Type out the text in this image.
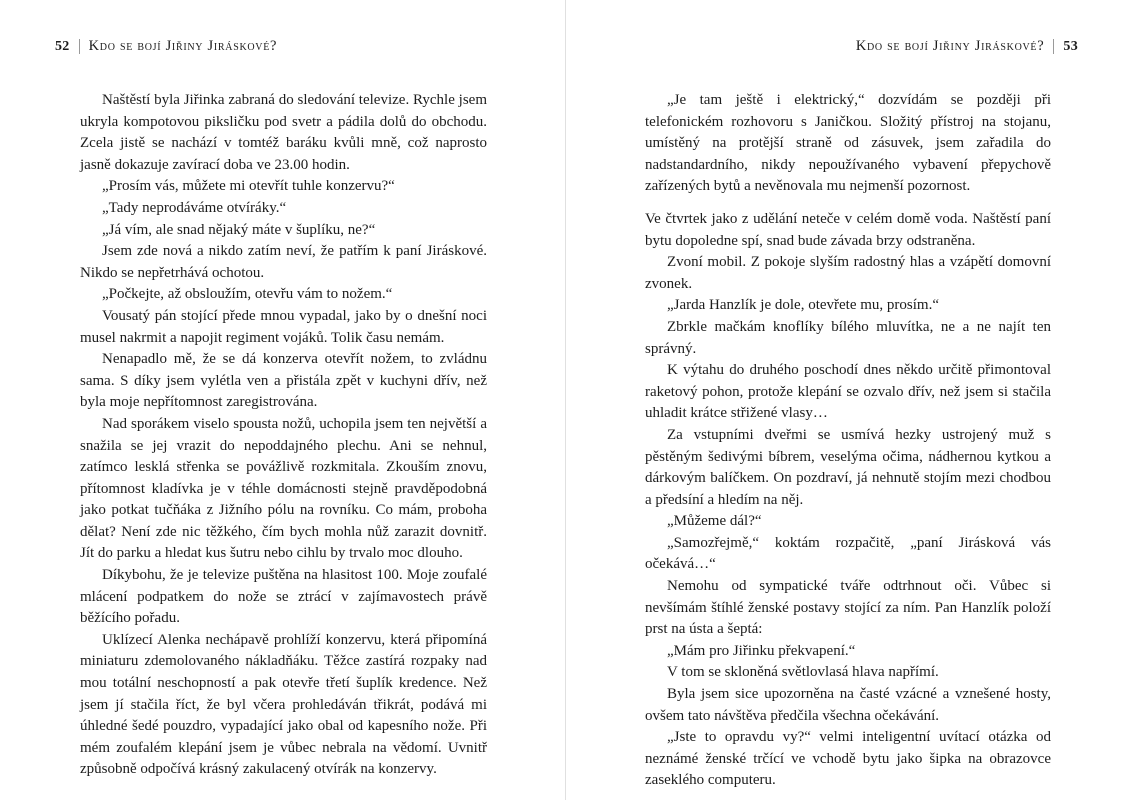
52 Kdo se bojí Jiřiny Jiráskové?

Naštěstí byla Jiřinka zabraná do sledování televize. Rychle jsem ukryla kompotovou piksličku pod svetr a pádila dolů do obchodu. Zcela jistě se nachází v tomtéž baráku kvůli mně, což naprosto jasně dokazuje zavírací doba ve 23.00 hodin.

„Prosím vás, můžete mi otevřít tuhle konzervu?“

„Tady neprodáváme otvíráky.“

„Já vím, ale snad nějaký máte v šuplíku, ne?“

Jsem zde nová a nikdo zatím neví, že patřím k paní Jiráskové. Nikdo se nepřetrhává ochotou.

„Počkejte, až obsloužím, otevřu vám to nožem.“

Vousatý pán stojící přede mnou vypadal, jako by o dnešní noci musel nakrmit a napojit regiment vojáků. Tolik času nemám.

Nenapadlo mě, že se dá konzerva otevřít nožem, to zvládnu sama. S díky jsem vylétla ven a přistála zpět v kuchyni dřív, než byla moje nepřítomnost zaregistrována.

Nad sporákem viselo spousta nožů, uchopila jsem ten největší a snažila se jej vrazit do nepoddajného plechu. Ani se nehnul, zatímco lesklá střenka se povážlivě rozkmitala. Zkouším znovu, přítomnost kladívka je v téhle domácnosti stejně pravděpodobná jako potkat tučňáka z Jižního pólu na rovníku. Co mám, proboha dělat? Není zde nic těžkého, čím bych mohla nůž zarazit dovnitř. Jít do parku a hledat kus šutru nebo cihlu by trvalo moc dlouho.

Díkybohu, že je televize puštěna na hlasitost 100. Moje zoufalé mlácení podpatkem do nože se ztrácí v zajímavostech právě běžícího pořadu.

Uklízecí Alenka nechápavě prohlíží konzervu, která připomíná miniaturu zdemolovaného nákladňáku. Těžce zastírá rozpaky nad mou totální neschopností a pak otevře třetí šuplík kredence. Než jsem jí stačila říct, že byl včera prohledáván třikrát, podává mi úhledné šedé pouzdro, vypadající jako obal od kapesního nože. Při mém zoufalém klepání jsem je vůbec nebrala na vědomí. Uvnitř způsobně odpočívá krásný zakulacený otvírák na konzervy.

Kdo se bojí Jiřiny Jiráskové? 53

„Je tam ještě i elektrický,“ dozvídám se později při telefonickém rozhovoru s Janičkou. Složitý přístroj na stojanu, umístěný na protější straně od zásuvek, jsem zařadila do nadstandardního, nikdy nepoužívaného vybavení přepychově zařízených bytů a nevěnovala mu nejmenší pozornost.

Ve čtvrtek jako z udělání neteče v celém domě voda. Naštěstí paní bytu dopoledne spí, snad bude závada brzy odstraněna.

Zvoní mobil. Z pokoje slyším radostný hlas a vzápětí domovní zvonek.

„Jarda Hanzlík je dole, otevřete mu, prosím.“

Zbrkle mačkám knoflíky bílého mluvítka, ne a ne najít ten správný.

K výtahu do druhého poschodí dnes někdo určitě přimontoval raketový pohon, protože klepání se ozvalo dřív, než jsem si stačila uhladit krátce střižené vlasy…

Za vstupními dveřmi se usmívá hezky ustrojený muž s pěstěným šedivými bíbrem, veselýma očima, nádhernou kytkou a dárkovým balíčkem. On pozdraví, já nehnutě stojím mezi chodbou a předsíní a hledím na něj.

„Můžeme dál?“

„Samozřejmě,“ koktám rozpačitě, „paní Jirásková vás očekává…“

Nemohu od sympatické tváře odtrhnout oči. Vůbec si nevšímám štíhlé ženské postavy stojící za ním. Pan Hanzlík položí prst na ústa a šeptá:

„Mám pro Jiřinku překvapení.“

V tom se skloněná světlovlasá hlava napřímí.

Byla jsem sice upozorněna na časté vzácné a vznešené hosty, ovšem tato návštěva předčila všechna očekávání.

„Jste to opravdu vy?“ velmi inteligentní uvítací otázka od neznámé ženské trčící ve vchodě bytu jako šipka na obrazovce zaseklého computeru.
